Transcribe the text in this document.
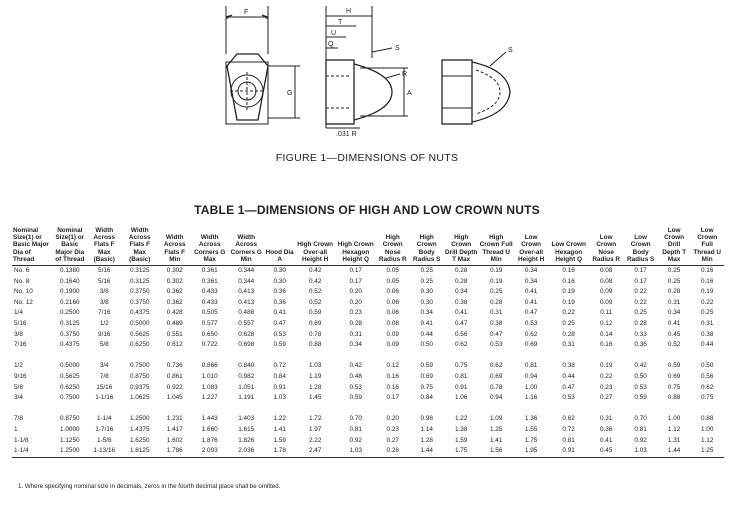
F
G
H
T
U
Q
S
R
A
.031 R
S
FIGURE 1—DIMENSIONS OF NUTS
TABLE 1—DIMENSIONS OF HIGH AND LOW CROWN NUTS
Nominal Size(1) or Basic Major Dia of Thread	Nominal Size(1) or Basic Major Dia of Thread	Width Across Flats F Max (Basic)	Width Across Flats F Max (Basic)	Width Across Flats F Min	Width Across Corners G Max	Width Across Corners G Min	Hood Dia A	High Crown Over-all Height H	High Crown Hexagon Height Q	High Crown Nose Radius R	High Crown Body Radius S	High Crown Drill Depth T Max	High Crown Full Thread U Min	Low Crown Over-all Height H	Low Crown Hexagon Height Q	Low Crown Nose Radius R	Low Crown Body Radius S	Low Crown Drill Depth T Max	Low Crown Full Thread U Min
No. 6	0.1380	5/16	0.3125	0.302	0.361	0.344	0.30	0.42	0.17	0.05	0.25	0.28	0.19	0.34	0.16	0.08	0.17	0.25	0.16
No. 8	0.1640	5/16	0.3125	0.302	0.361	0.344	0.30	0.42	0.17	0.05	0.25	0.28	0.19	0.34	0.16	0.08	0.17	0.25	0.16
No. 10	0.1900	3/8	0.3750	0.362	0.433	0.413	0.36	0.52	0.20	0.06	0.30	0.34	0.25	0.41	0.19	0.09	0.22	0.28	0.19
No. 12	0.2160	3/8	0.3750	0.362	0.433	0.413	0.36	0.52	0.20	0.06	0.30	0.38	0.28	0.41	0.19	0.09	0.22	0.31	0.22
1/4	0.2500	7/16	0.4375	0.428	0.505	0.488	0.41	0.59	0.23	0.06	0.34	0.41	0.31	0.47	0.22	0.11	0.25	0.34	0.25
5/16	0.3125	1/2	0.5000	0.489	0.577	0.557	0.47	0.69	0.28	0.08	0.41	0.47	0.38	0.53	0.25	0.12	0.28	0.41	0.31
3/8	0.3750	9/16	0.5625	0.551	0.650	0.628	0.53	0.78	0.31	0.09	0.44	0.56	0.47	0.62	0.28	0.14	0.33	0.45	0.38
7/16	0.4375	5/8	0.6250	0.612	0.722	0.698	0.59	0.88	0.34	0.09	0.50	0.62	0.53	0.69	0.31	0.16	0.36	0.52	0.44

1/2	0.5000	3/4	0.7500	0.736	0.866	0.840	0.72	1.03	0.42	0.12	0.59	0.75	0.62	0.81	0.38	0.19	0.42	0.59	0.50
9/16	0.5625	7/8	0.8750	0.861	1.010	0.982	0.84	1.19	0.48	0.16	0.69	0.81	0.69	0.94	0.44	0.22	0.50	0.69	0.56
5/8	0.6250	15/16	0.9375	0.922	1.083	1.051	0.91	1.28	0.53	0.16	0.75	0.91	0.78	1.00	0.47	0.23	0.53	0.75	0.62
3/4	0.7500	1-1/16	1.0625	1.045	1.227	1.191	1.03	1.45	0.59	0.17	0.84	1.06	0.94	1.16	0.53	0.27	0.59	0.88	0.75

7/8	0.8750	1-1/4	1.2500	1.231	1.443	1.403	1.22	1.72	0.70	0.20	0.98	1.22	1.09	1.36	0.62	0.31	0.70	1.00	0.88
1	1.0000	1-7/16	1.4375	1.417	1.660	1.615	1.41	1.97	0.81	0.23	1.14	1.38	1.25	1.55	0.72	0.36	0.81	1.12	1.00
1-1/8	1.1250	1-5/8	1.6250	1.602	1.876	1.826	1.59	2.22	0.92	0.27	1.28	1.59	1.41	1.75	0.81	0.41	0.92	1.31	1.12
1-1/4	1.2500	1-13/16	1.8125	1.786	2.093	2.036	1.78	2.47	1.03	0.28	1.44	1.75	1.56	1.95	0.91	0.45	1.03	1.44	1.25
1. Where specifying nominal size in decimals, zeros in the fourth decimal place shall be omitted.
